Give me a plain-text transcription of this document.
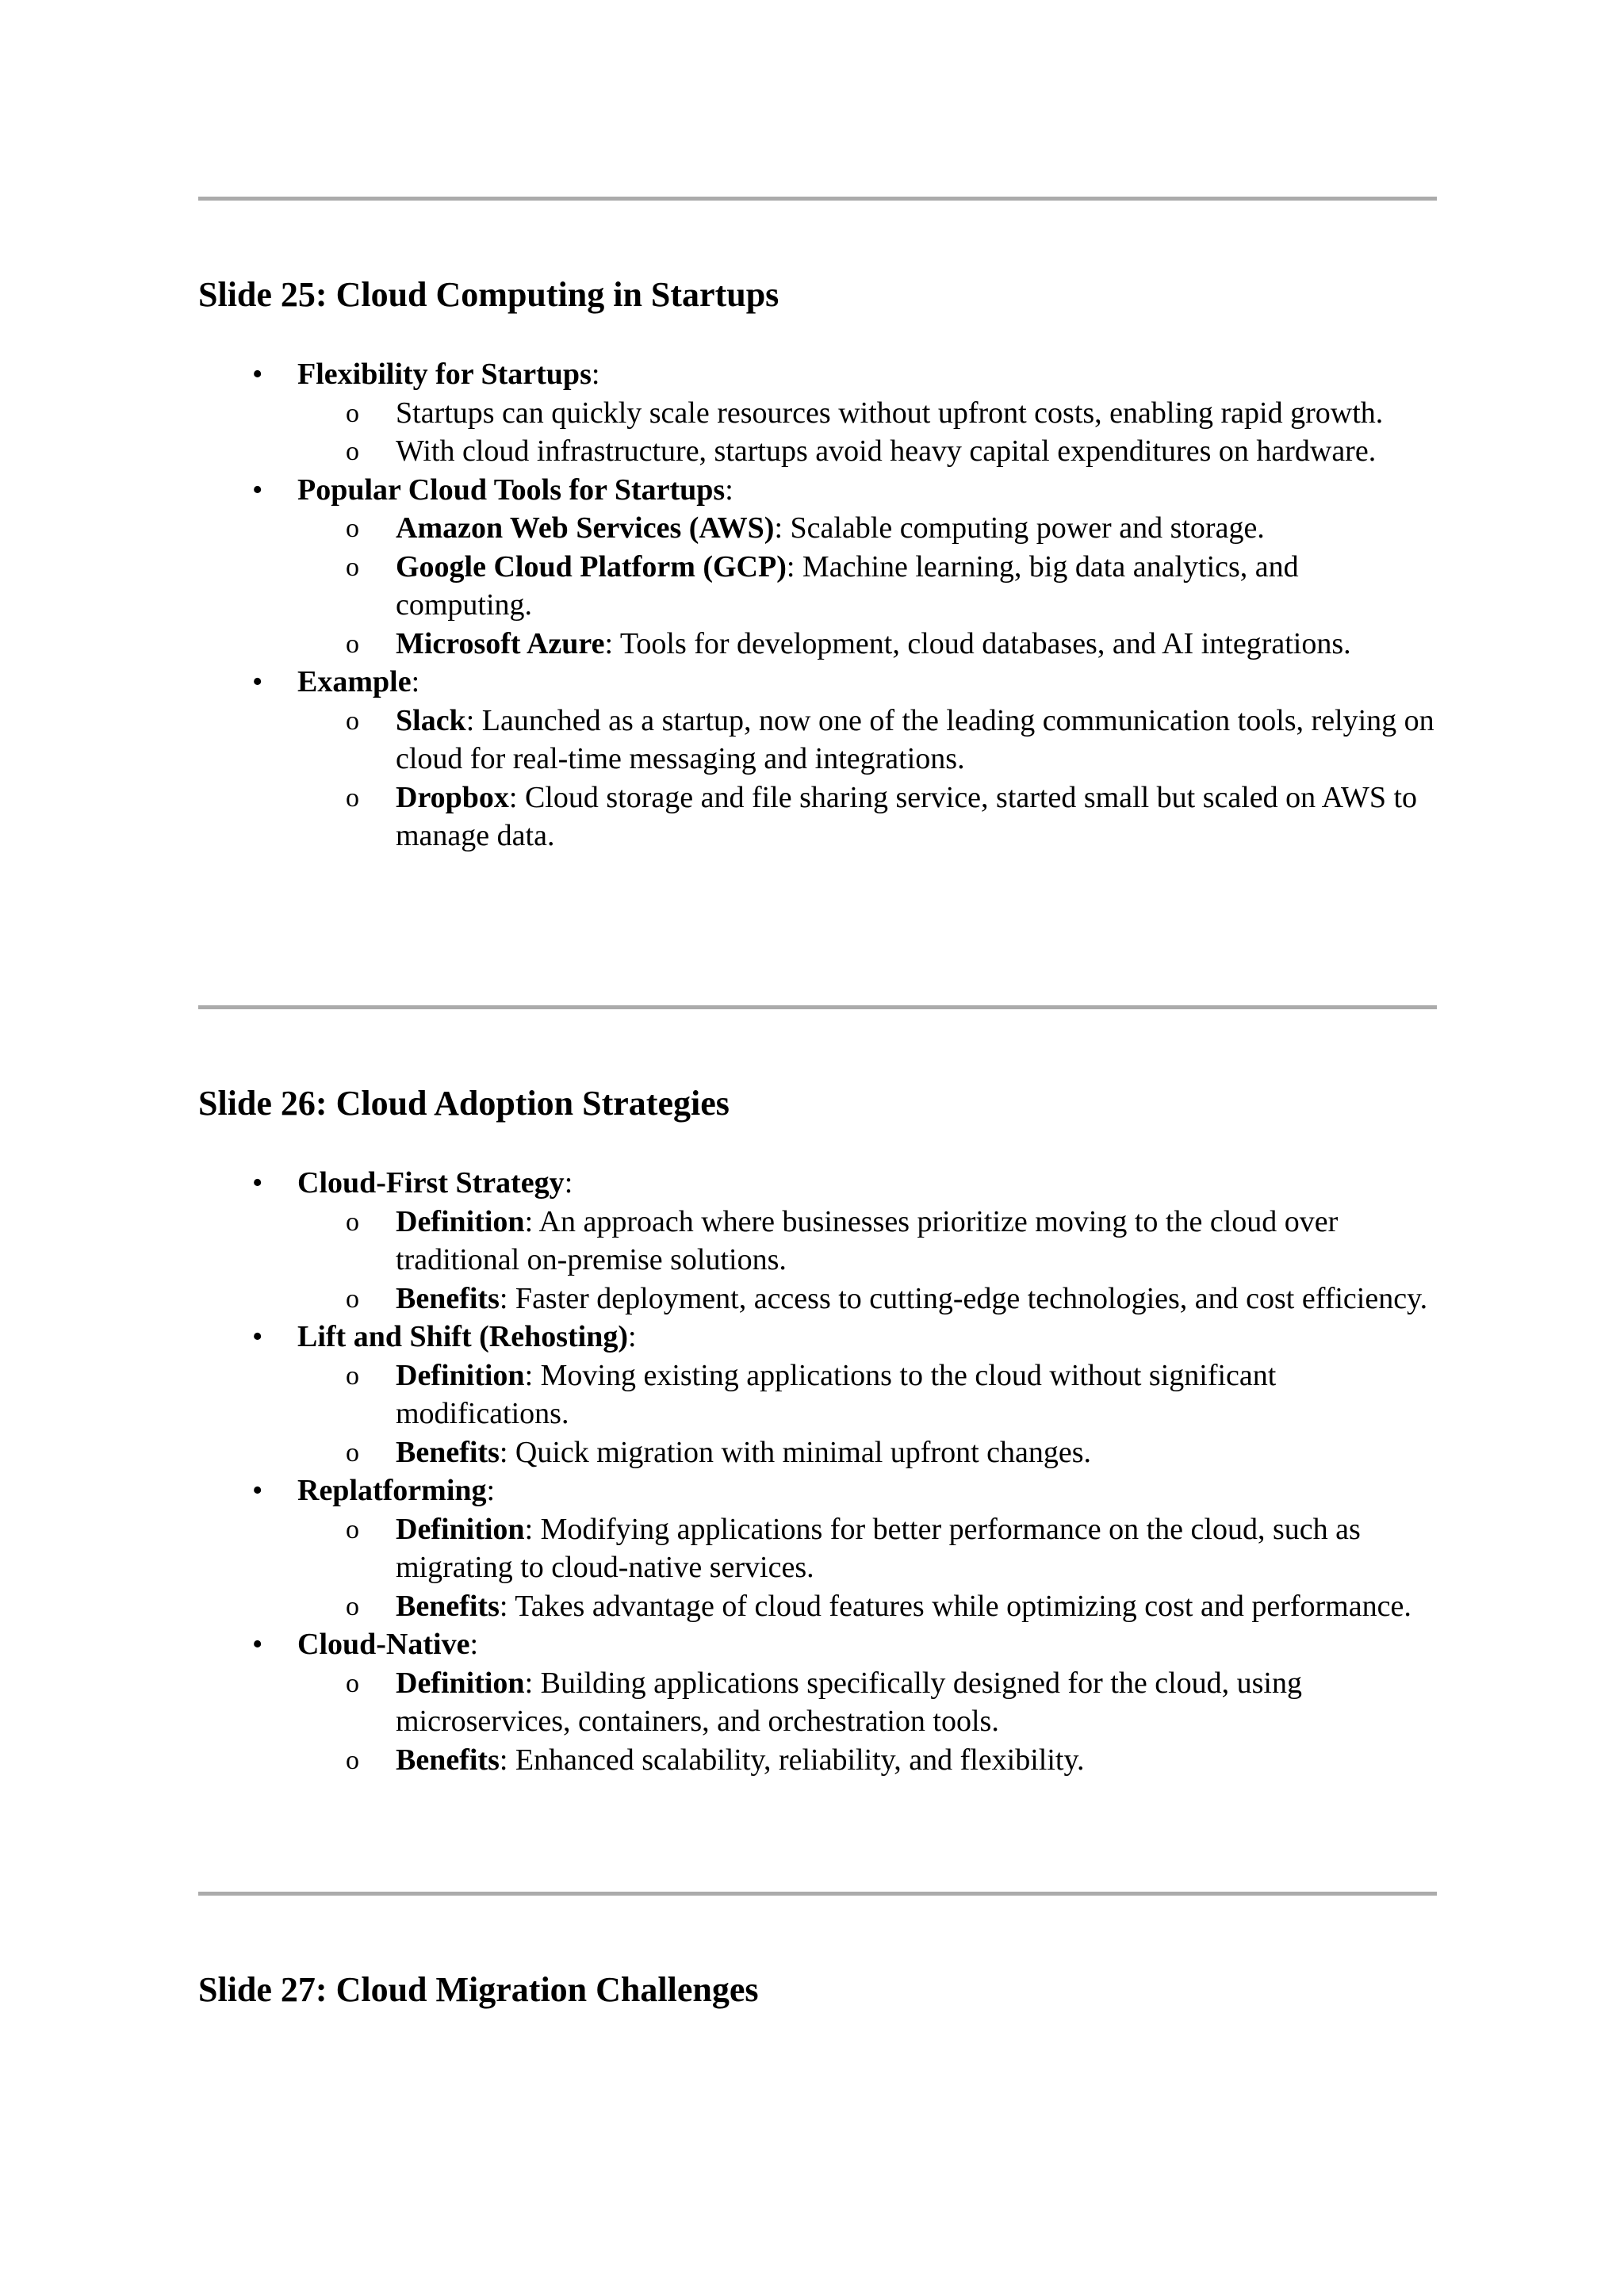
Slide 25: Cloud Computing in Startups
• Flexibility for Startups:
o Startups can quickly scale resources without upfront costs, enabling rapid growth.
o With cloud infrastructure, startups avoid heavy capital expenditures on hardware.
• Popular Cloud Tools for Startups:
o Amazon Web Services (AWS): Scalable computing power and storage.
o Google Cloud Platform (GCP): Machine learning, big data analytics, and computing.
o Microsoft Azure: Tools for development, cloud databases, and AI integrations.
• Example:
o Slack: Launched as a startup, now one of the leading communication tools, relying on cloud for real-time messaging and integrations.
o Dropbox: Cloud storage and file sharing service, started small but scaled on AWS to manage data.
Slide 26: Cloud Adoption Strategies
• Cloud-First Strategy:
o Definition: An approach where businesses prioritize moving to the cloud over traditional on-premise solutions.
o Benefits: Faster deployment, access to cutting-edge technologies, and cost efficiency.
• Lift and Shift (Rehosting):
o Definition: Moving existing applications to the cloud without significant modifications.
o Benefits: Quick migration with minimal upfront changes.
• Replatforming:
o Definition: Modifying applications for better performance on the cloud, such as migrating to cloud-native services.
o Benefits: Takes advantage of cloud features while optimizing cost and performance.
• Cloud-Native:
o Definition: Building applications specifically designed for the cloud, using microservices, containers, and orchestration tools.
o Benefits: Enhanced scalability, reliability, and flexibility.
Slide 27: Cloud Migration Challenges
